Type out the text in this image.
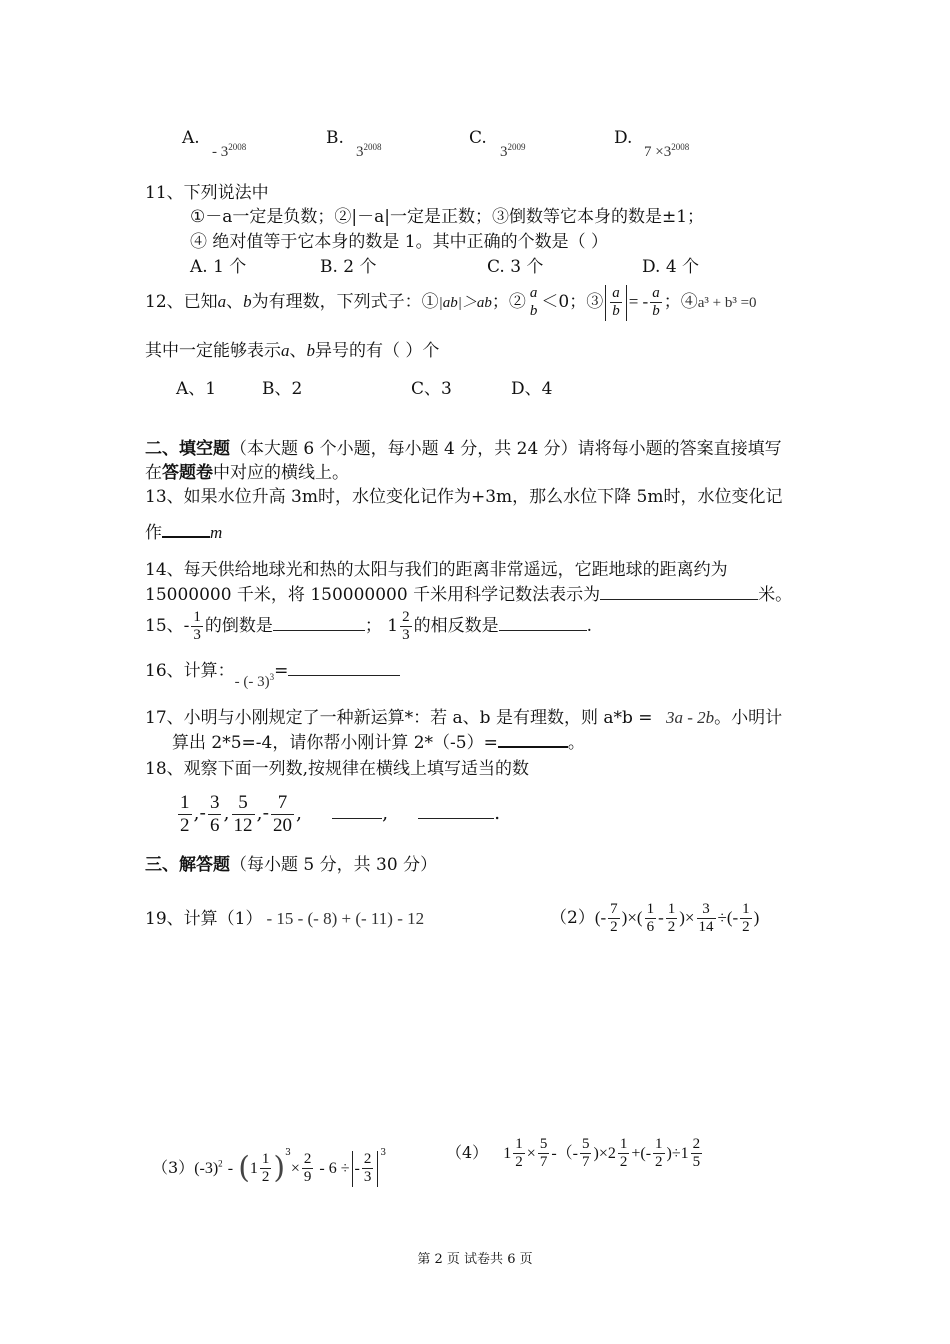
A.
- $3^{2008}$	B.
$3^{2008}$	C.
$3^{2009}$	D.
$7 \times 3^{2008}$
11、下列说法中
①－a一定是负数；②|－a|一定是正数；③倒数等它本身的数是±1；
④ 绝对值等于它本身的数是 1。其中正确的个数是（ ）
A. 1 个	B. 2 个	C. 3 个	D. 4 个
12、已知a、b为有理数，下列式子：①|ab|＞ab；② a
b ＜0；③ $\frac{a}{b}$ = - $\frac{a}{b}$ ；④a³ + b³ =0
其中一定能够表示a、b异号的有（ ）个
A、1	B、2	C、3	D、4
二、填空题（本大题 6 个小题，每小题 4 分，共 24 分）请将每小题的答案直接填写
在答题卷中对应的横线上。
13、如果水位升高 3m时，水位变化记作为+3m，那么水位下降 5m时，水位变化记
作	m
14、每天供给地球光和热的太阳与我们的距离非常遥远，它距地球的距离约为
15000000 千米，将 150000000 千米用科学记数法表示为	米。
15、- $\frac{1}{3}$ 的倒数是	； $1 \frac{2}{3}$ 的相反数是	.
16、计算：- (- 3)$^3$=
17、小明与小刚规定了一种新运算*：若 a、b 是有理数，则 a*b = 3a - 2b。小明计
算出 2*5=-4，请你帮小刚计算 2*（-5）=	。
18、观察下面一列数,按规律在横线上填写适当的数
$\frac{1}{2}$ ,- $\frac{3}{6}$ , $\frac{5}{12}$ ,- $\frac{7}{20}$ ,	,	.
三、解答题（每小题 5 分，共 30 分）
19、计算（1） - 15 - (- 8) + (- 11) - 12	$(2)(- \frac{7}{2}$ )×( $\frac{1}{6} - \frac{1}{2}$ )× $\frac{3}{14}$ ÷(- $\frac{1}{2}$ )
$(3)(-3)^2 - (1 \frac{1}{2} )^3\times \frac{2}{9} - 6$ ÷ - $\frac{2}{3} ^3$	（4） $1 \frac{1}{2} \times \frac{5}{7}$ -（- $\frac{5}{7} )\times 2 \frac{1}{2}$ +(- $\frac{1}{2} )\div 1 \frac{2}{5}$
第 2 页 试卷共 6 页
